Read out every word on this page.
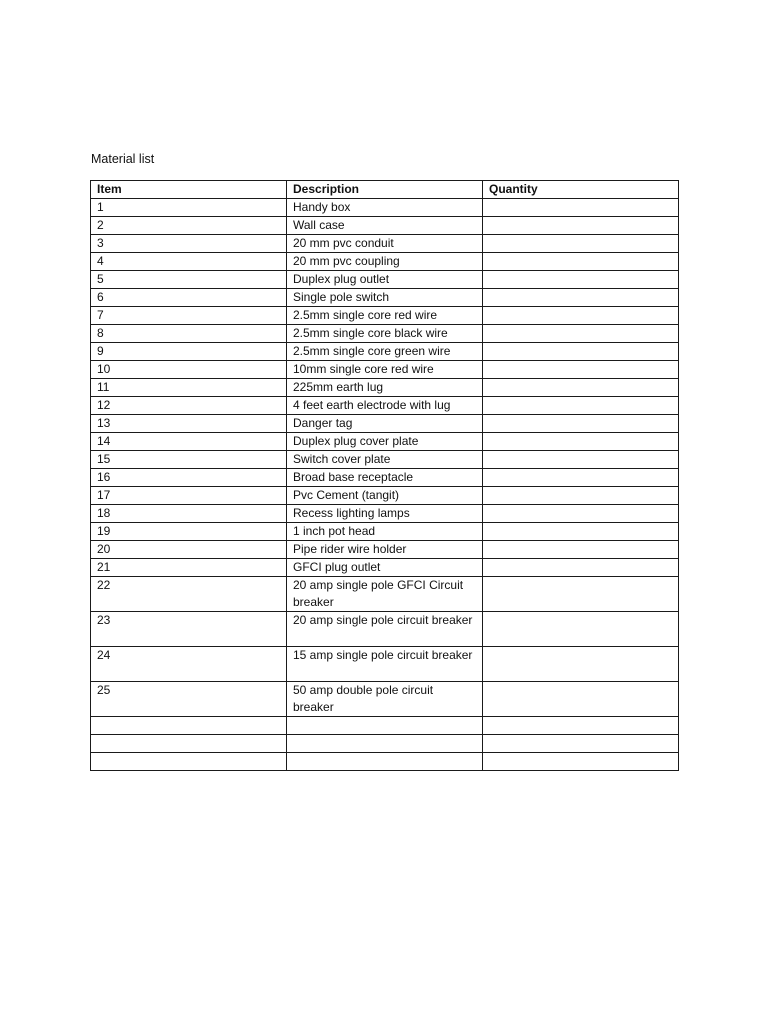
Material list
Item	Description	Quantity
1	Handy box	
2	Wall case	
3	20 mm pvc conduit	
4	20 mm pvc coupling	
5	Duplex plug outlet	
6	Single pole switch	
7	2.5mm single core red wire	
8	2.5mm single core black wire	
9	2.5mm single core green wire	
10	10mm single core red wire	
11	225mm earth lug	
12	4 feet earth electrode with lug	
13	Danger tag	
14	Duplex plug cover plate	
15	Switch cover plate	
16	Broad base receptacle	
17	Pvc Cement (tangit)	
18	Recess lighting lamps	
19	1 inch pot head	
20	Pipe rider wire holder	
21	GFCI plug outlet	
22	20 amp single pole GFCI Circuit breaker	
23	20 amp single pole circuit breaker	
24	15 amp single pole circuit breaker	
25	50 amp double pole circuit breaker	
